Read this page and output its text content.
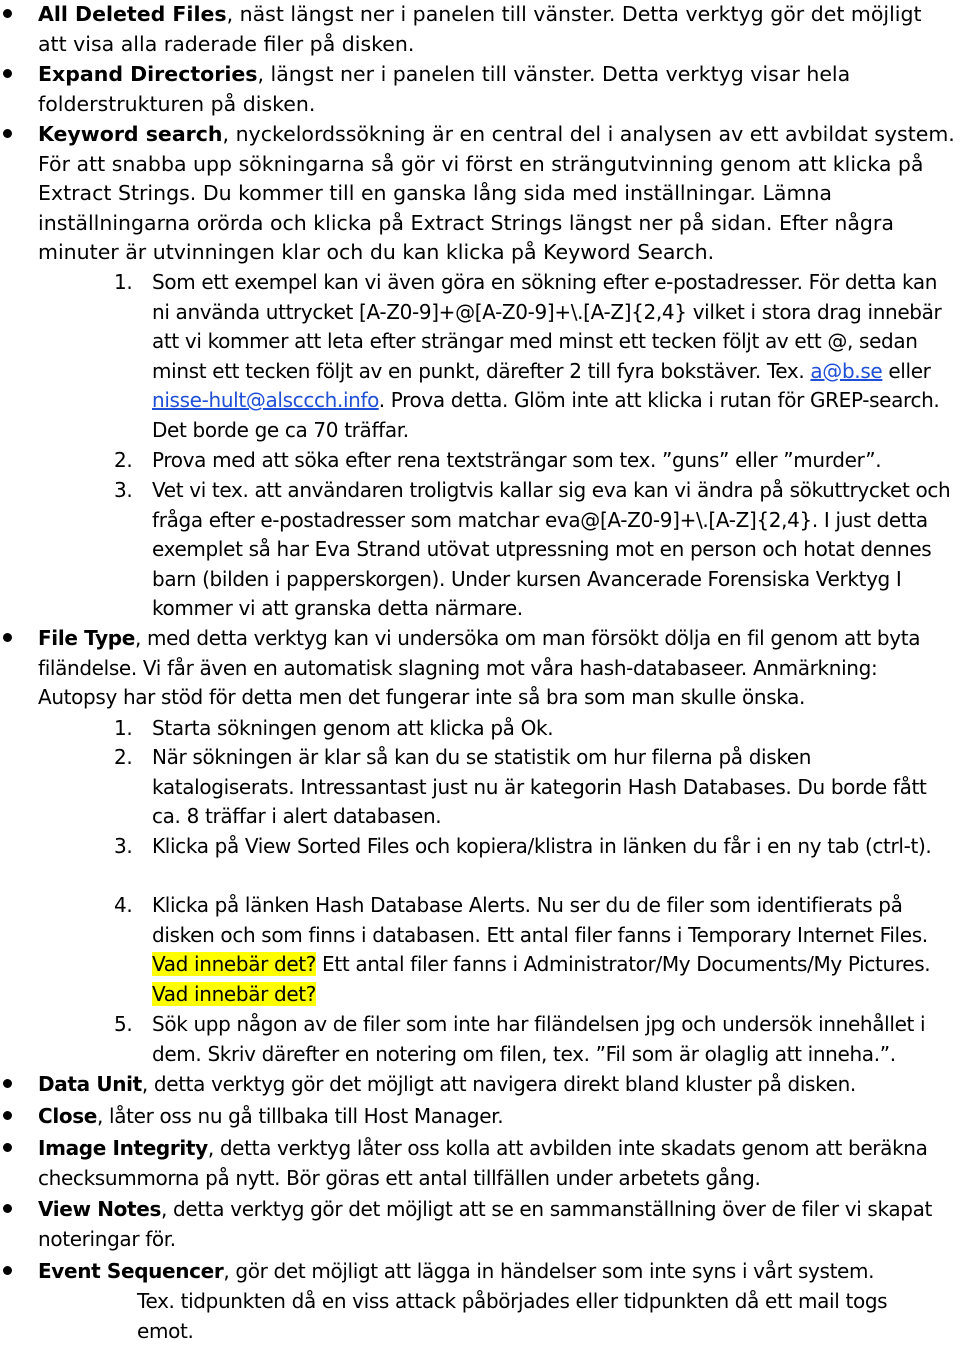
All Deleted Files, näst längst ner i panelen till vänster. Detta verktyg gör det möjligt att visa alla raderade filer på disken.
Expand Directories, längst ner i panelen till vänster. Detta verktyg visar hela folderstrukturen på disken.
Keyword search, nyckelordssökning är en central del i analysen av ett avbildat system. För att snabba upp sökningarna så gör vi först en strängutvinning genom att klicka på Extract Strings. Du kommer till en ganska lång sida med inställningar. Lämna inställningarna orörda och klicka på Extract Strings längst ner på sidan. Efter några minuter är utvinningen klar och du kan klicka på Keyword Search.
1. Som ett exempel kan vi även göra en sökning efter e-postadresser. För detta kan ni använda uttrycket [A-Z0-9]+@[A-Z0-9]+\.[A-Z]{2,4} vilket i stora drag innebär att vi kommer att leta efter strängar med minst ett tecken följt av ett @, sedan minst ett tecken följt av en punkt, därefter 2 till fyra bokstäver. Tex. a@b.se eller nisse-hult@alsccch.info. Prova detta. Glöm inte att klicka i rutan för GREP-search. Det borde ge ca 70 träffar.
2. Prova med att söka efter rena textsträngar som tex. ”guns” eller ”murder”.
3. Vet vi tex. att användaren troligtvis kallar sig eva kan vi ändra på sökuttrycket och fråga efter e-postadresser som matchar eva@[A-Z0-9]+\.[A-Z]{2,4}. I just detta exemplet så har Eva Strand utövat utpressning mot en person och hotat dennes barn (bilden i papperskorgen). Under kursen Avancerade Forensiska Verktyg I kommer vi att granska detta närmare.
File Type, med detta verktyg kan vi undersöka om man försökt dölja en fil genom att byta filändelse. Vi får även en automatisk slagning mot våra hash-databaseer. Anmärkning: Autopsy har stöd för detta men det fungerar inte så bra som man skulle önska.
1. Starta sökningen genom att klicka på Ok.
2. När sökningen är klar så kan du se statistik om hur filerna på disken katalogiserats. Intressantast just nu är kategorin Hash Databases. Du borde fått ca. 8 träffar i alert databasen.
3. Klicka på View Sorted Files och kopiera/klistra in länken du får i en ny tab (ctrl-t).
4. Klicka på länken Hash Database Alerts. Nu ser du de filer som identifierats på disken och som finns i databasen. Ett antal filer fanns i Temporary Internet Files. Vad innebär det? Ett antal filer fanns i Administrator/My Documents/My Pictures. Vad innebär det?
5. Sök upp någon av de filer som inte har filändelsen jpg och undersök innehållet i dem. Skriv därefter en notering om filen, tex. ”Fil som är olaglig att inneha.”.
Data Unit, detta verktyg gör det möjligt att navigera direkt bland kluster på disken.
Close, låter oss nu gå tillbaka till Host Manager.
Image Integrity, detta verktyg låter oss kolla att avbilden inte skadats genom att beräkna checksummorna på nytt. Bör göras ett antal tillfällen under arbetets gång.
View Notes, detta verktyg gör det möjligt att se en sammanställning över de filer vi skapat noteringar för.
Event Sequencer, gör det möjligt att lägga in händelser som inte syns i vårt system.
Tex. tidpunkten då en viss attack påbörjades eller tidpunkten då ett mail togs emot.
